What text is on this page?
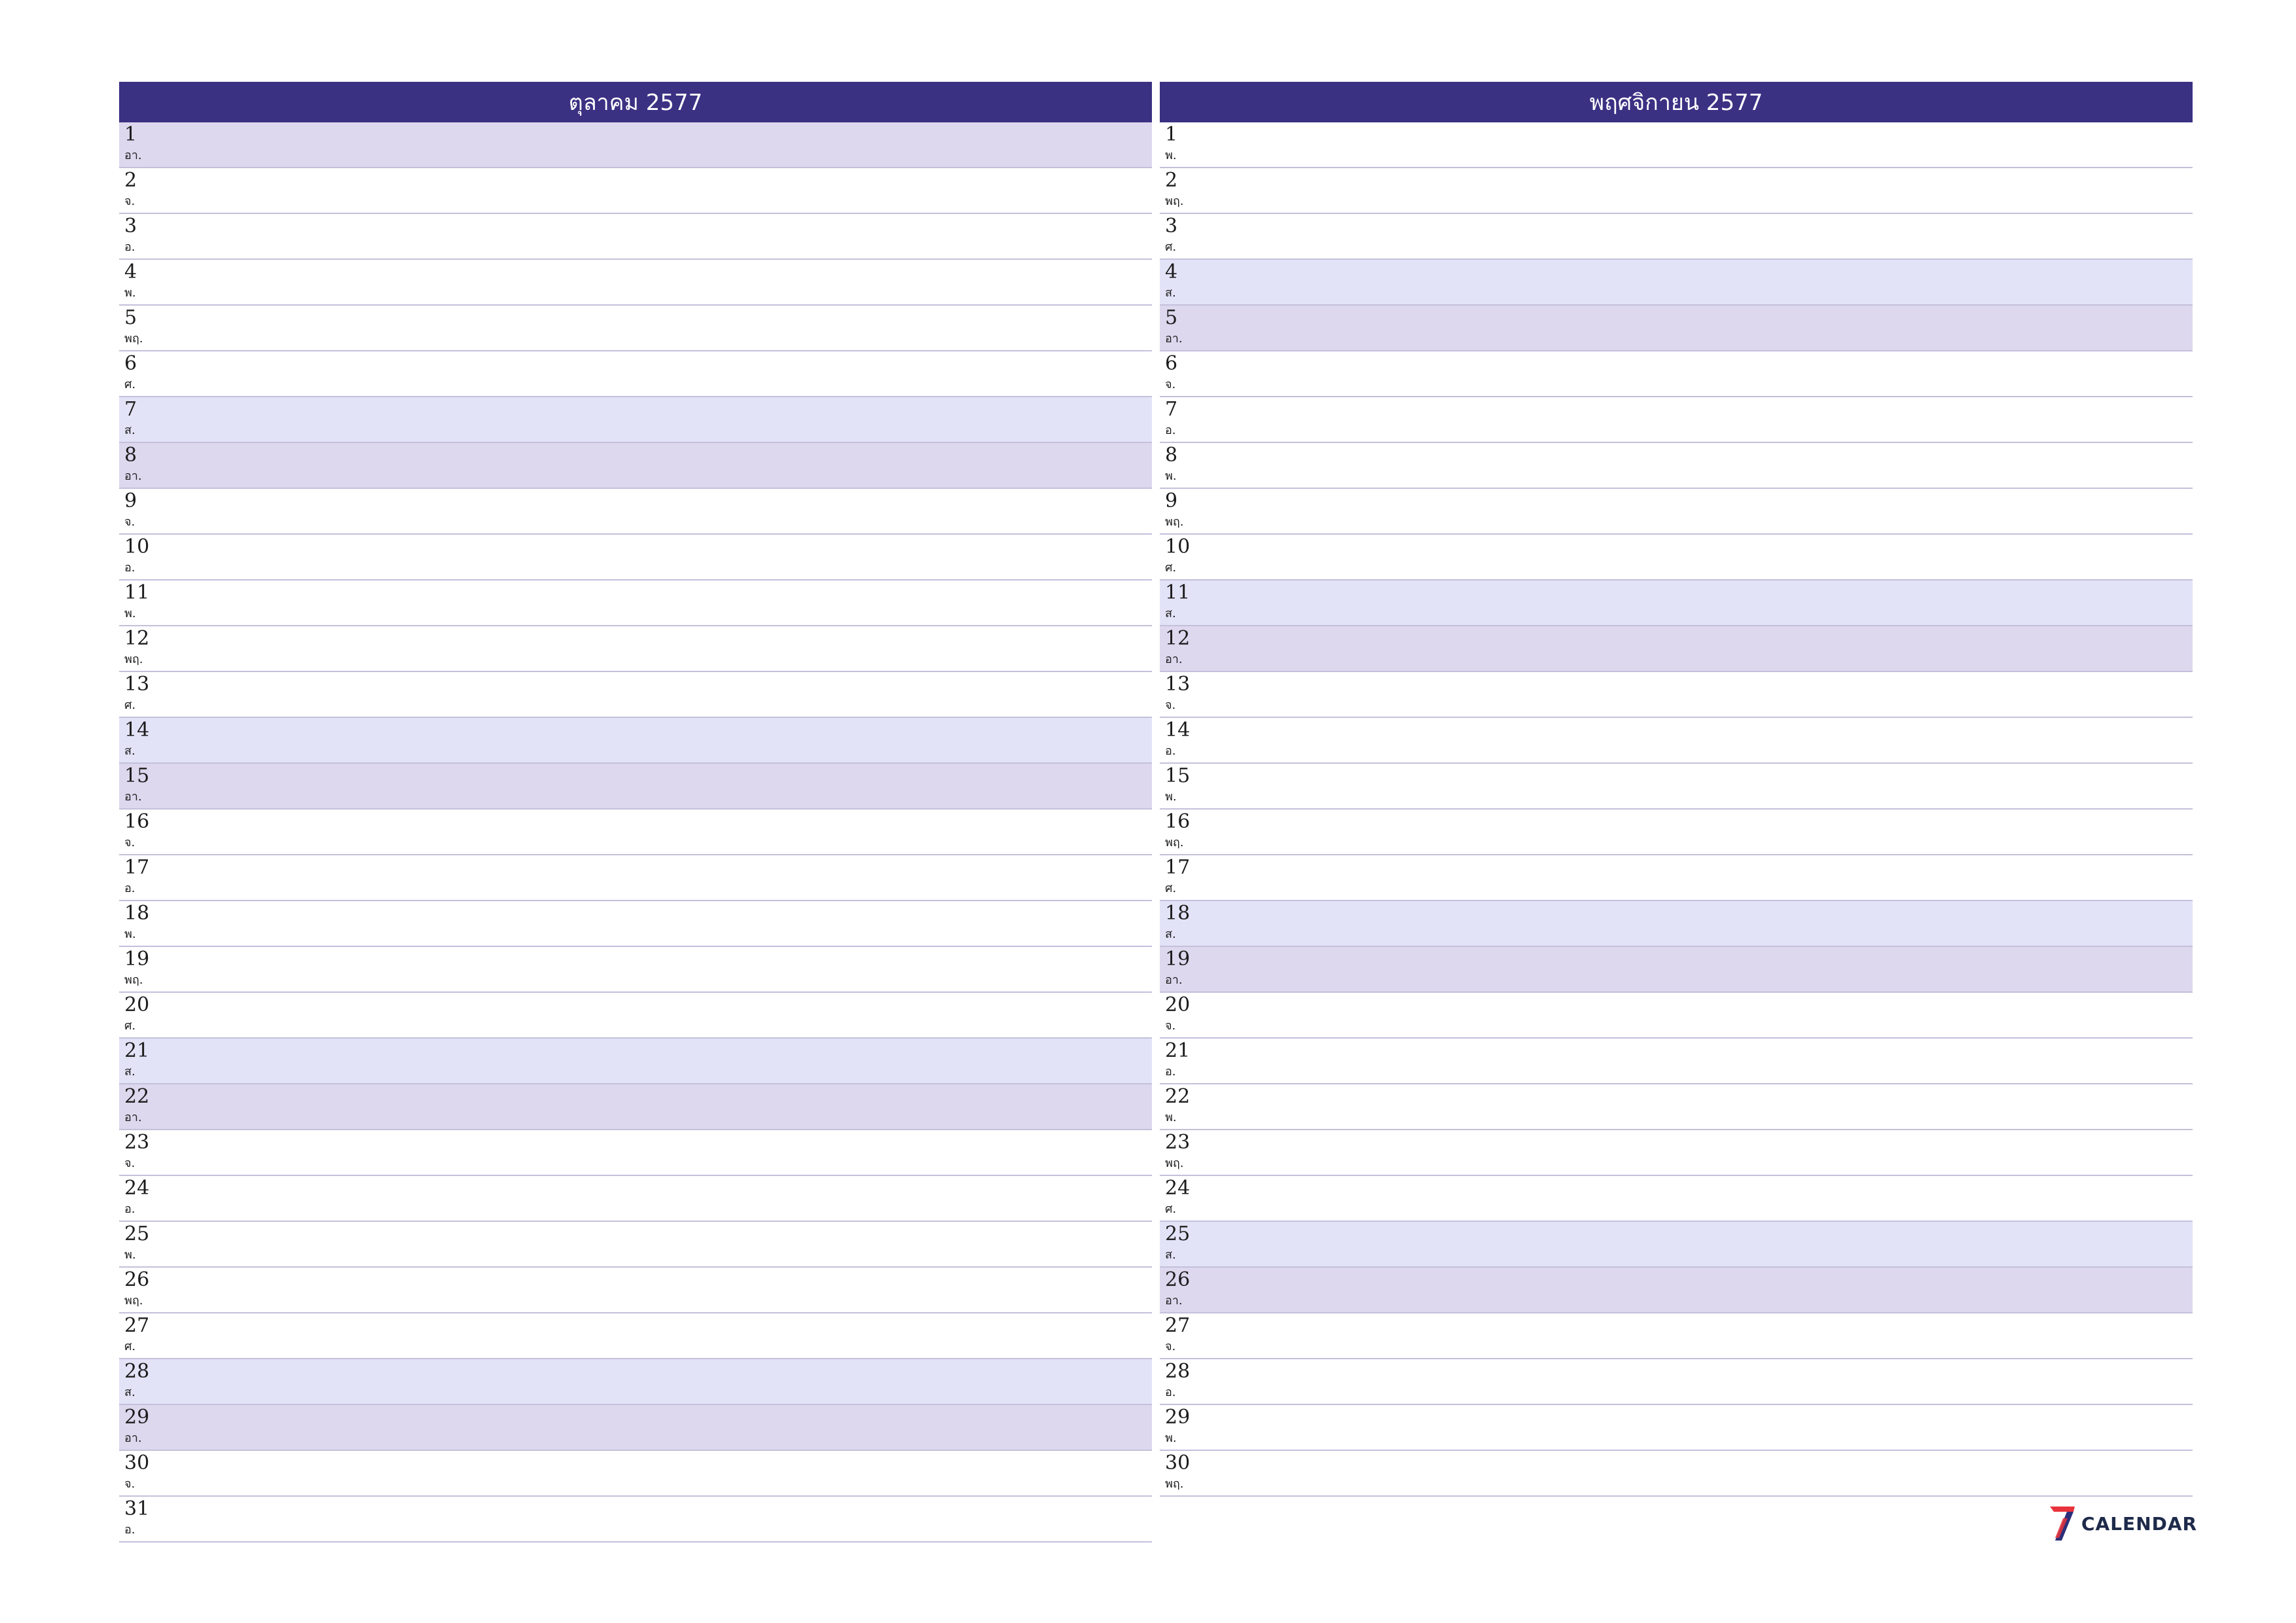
ตุลาคม 2577
1
อา.
2
จ.
3
อ.
4
พ.
5
พฤ.
6
ศ.
7
ส.
8
อา.
9
จ.
10
อ.
11
พ.
12
พฤ.
13
ศ.
14
ส.
15
อา.
16
จ.
17
อ.
18
พ.
19
พฤ.
20
ศ.
21
ส.
22
อา.
23
จ.
24
อ.
25
พ.
26
พฤ.
27
ศ.
28
ส.
29
อา.
30
จ.
31
อ.
พฤศจิกายน 2577
1
พ.
2
พฤ.
3
ศ.
4
ส.
5
อา.
6
จ.
7
อ.
8
พ.
9
พฤ.
10
ศ.
11
ส.
12
อา.
13
จ.
14
อ.
15
พ.
16
พฤ.
17
ศ.
18
ส.
19
อา.
20
จ.
21
อ.
22
พ.
23
พฤ.
24
ศ.
25
ส.
26
อา.
27
จ.
28
อ.
29
พ.
30
พฤ.
CALENDAR
